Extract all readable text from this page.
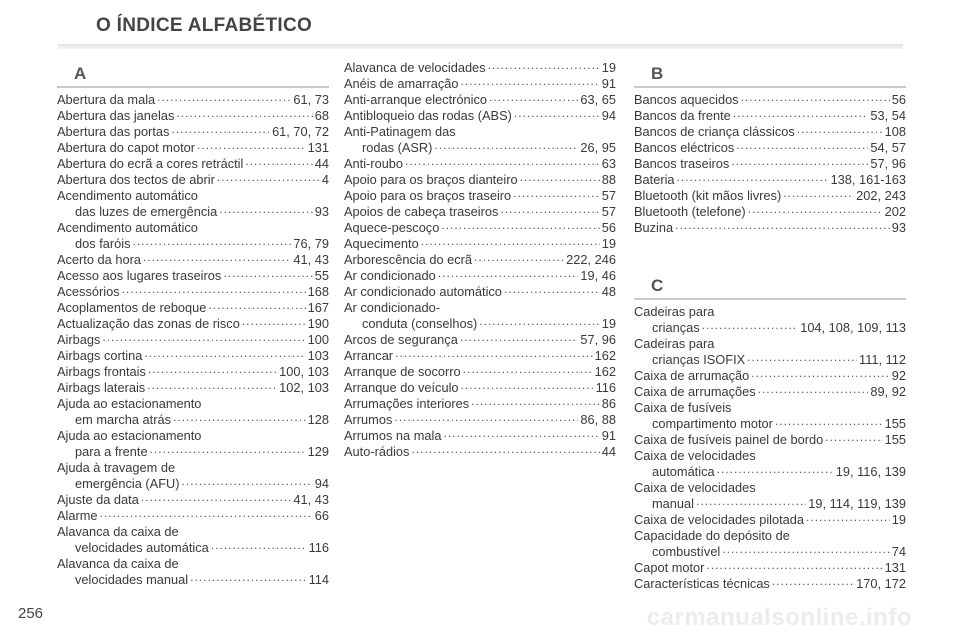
O ÍNDICE ALFABÉTICO
A
Abertura da mala .....	61, 73
Abertura das janelas .....	68
Abertura das portas .....	61, 70, 72
Abertura do capot motor .....	131
Abertura do ecrã a cores retráctil .....	44
Abertura dos tectos de abrir .....	4
Acendimento automático
das luzes de emergência .....	93
Acendimento automático
dos faróis .....	76, 79
Acerto da hora .....	41, 43
Acesso aos lugares traseiros .....	55
Acessórios .....	168
Acoplamentos de reboque .....	167
Actualização das zonas de risco .....	190
Airbags .....	100
Airbags cortina .....	103
Airbags frontais .....	100, 103
Airbags laterais .....	102, 103
Ajuda ao estacionamento
em marcha atrás .....	128
Ajuda ao estacionamento
para a frente .....	129
Ajuda à travagem de
emergência (AFU) .....	94
Ajuste da data .....	41, 43
Alarme .....	66
Alavanca da caixa de
velocidades automática .....	116
Alavanca da caixa de
velocidades manual .....	114
Alavanca de velocidades .....	19
Anéis de amarração .....	91
Anti-arranque electrónico .....	63, 65
Antibloqueio das rodas (ABS) .....	94
Anti-Patinagem das
rodas (ASR) .....	26, 95
Anti-roubo .....	63
Apoio para os braços dianteiro .....	88
Apoio para os braços traseiro .....	57
Apoios de cabeça traseiros .....	57
Aquece-pescoço .....	56
Aquecimento .....	19
Arborescência do ecrã .....	222, 246
Ar condicionado .....	19, 46
Ar condicionado automático .....	48
Ar condicionado-
conduta (conselhos) .....	19
Arcos de segurança .....	57, 96
Arrancar .....	162
Arranque de socorro .....	162
Arranque do veículo .....	116
Arrumações interiores .....	86
Arrumos .....	86, 88
Arrumos na mala .....	91
Auto-rádios .....	44
B
Bancos aquecidos .....	56
Bancos da frente .....	53, 54
Bancos de criança clássicos .....	108
Bancos eléctricos .....	54, 57
Bancos traseiros .....	57, 96
Bateria .....	138, 161-163
Bluetooth (kit mãos livres) .....	202, 243
Bluetooth (telefone) .....	202
Buzina .....	93
C
Cadeiras para
crianças .....	104, 108, 109, 113
Cadeiras para
crianças ISOFIX .....	111, 112
Caixa de arrumação .....	92
Caixa de arrumações .....	89, 92
Caixa de fusíveis
compartimento motor .....	155
Caixa de fusíveis painel de bordo .....	155
Caixa de velocidades
automática .....	19, 116, 139
Caixa de velocidades
manual .....	19, 114, 119, 139
Caixa de velocidades pilotada .....	19
Capacidade do depósito de
combustível .....	74
Capot motor .....	131
Características técnicas .....	170, 172
256	carmanualsonline.info
